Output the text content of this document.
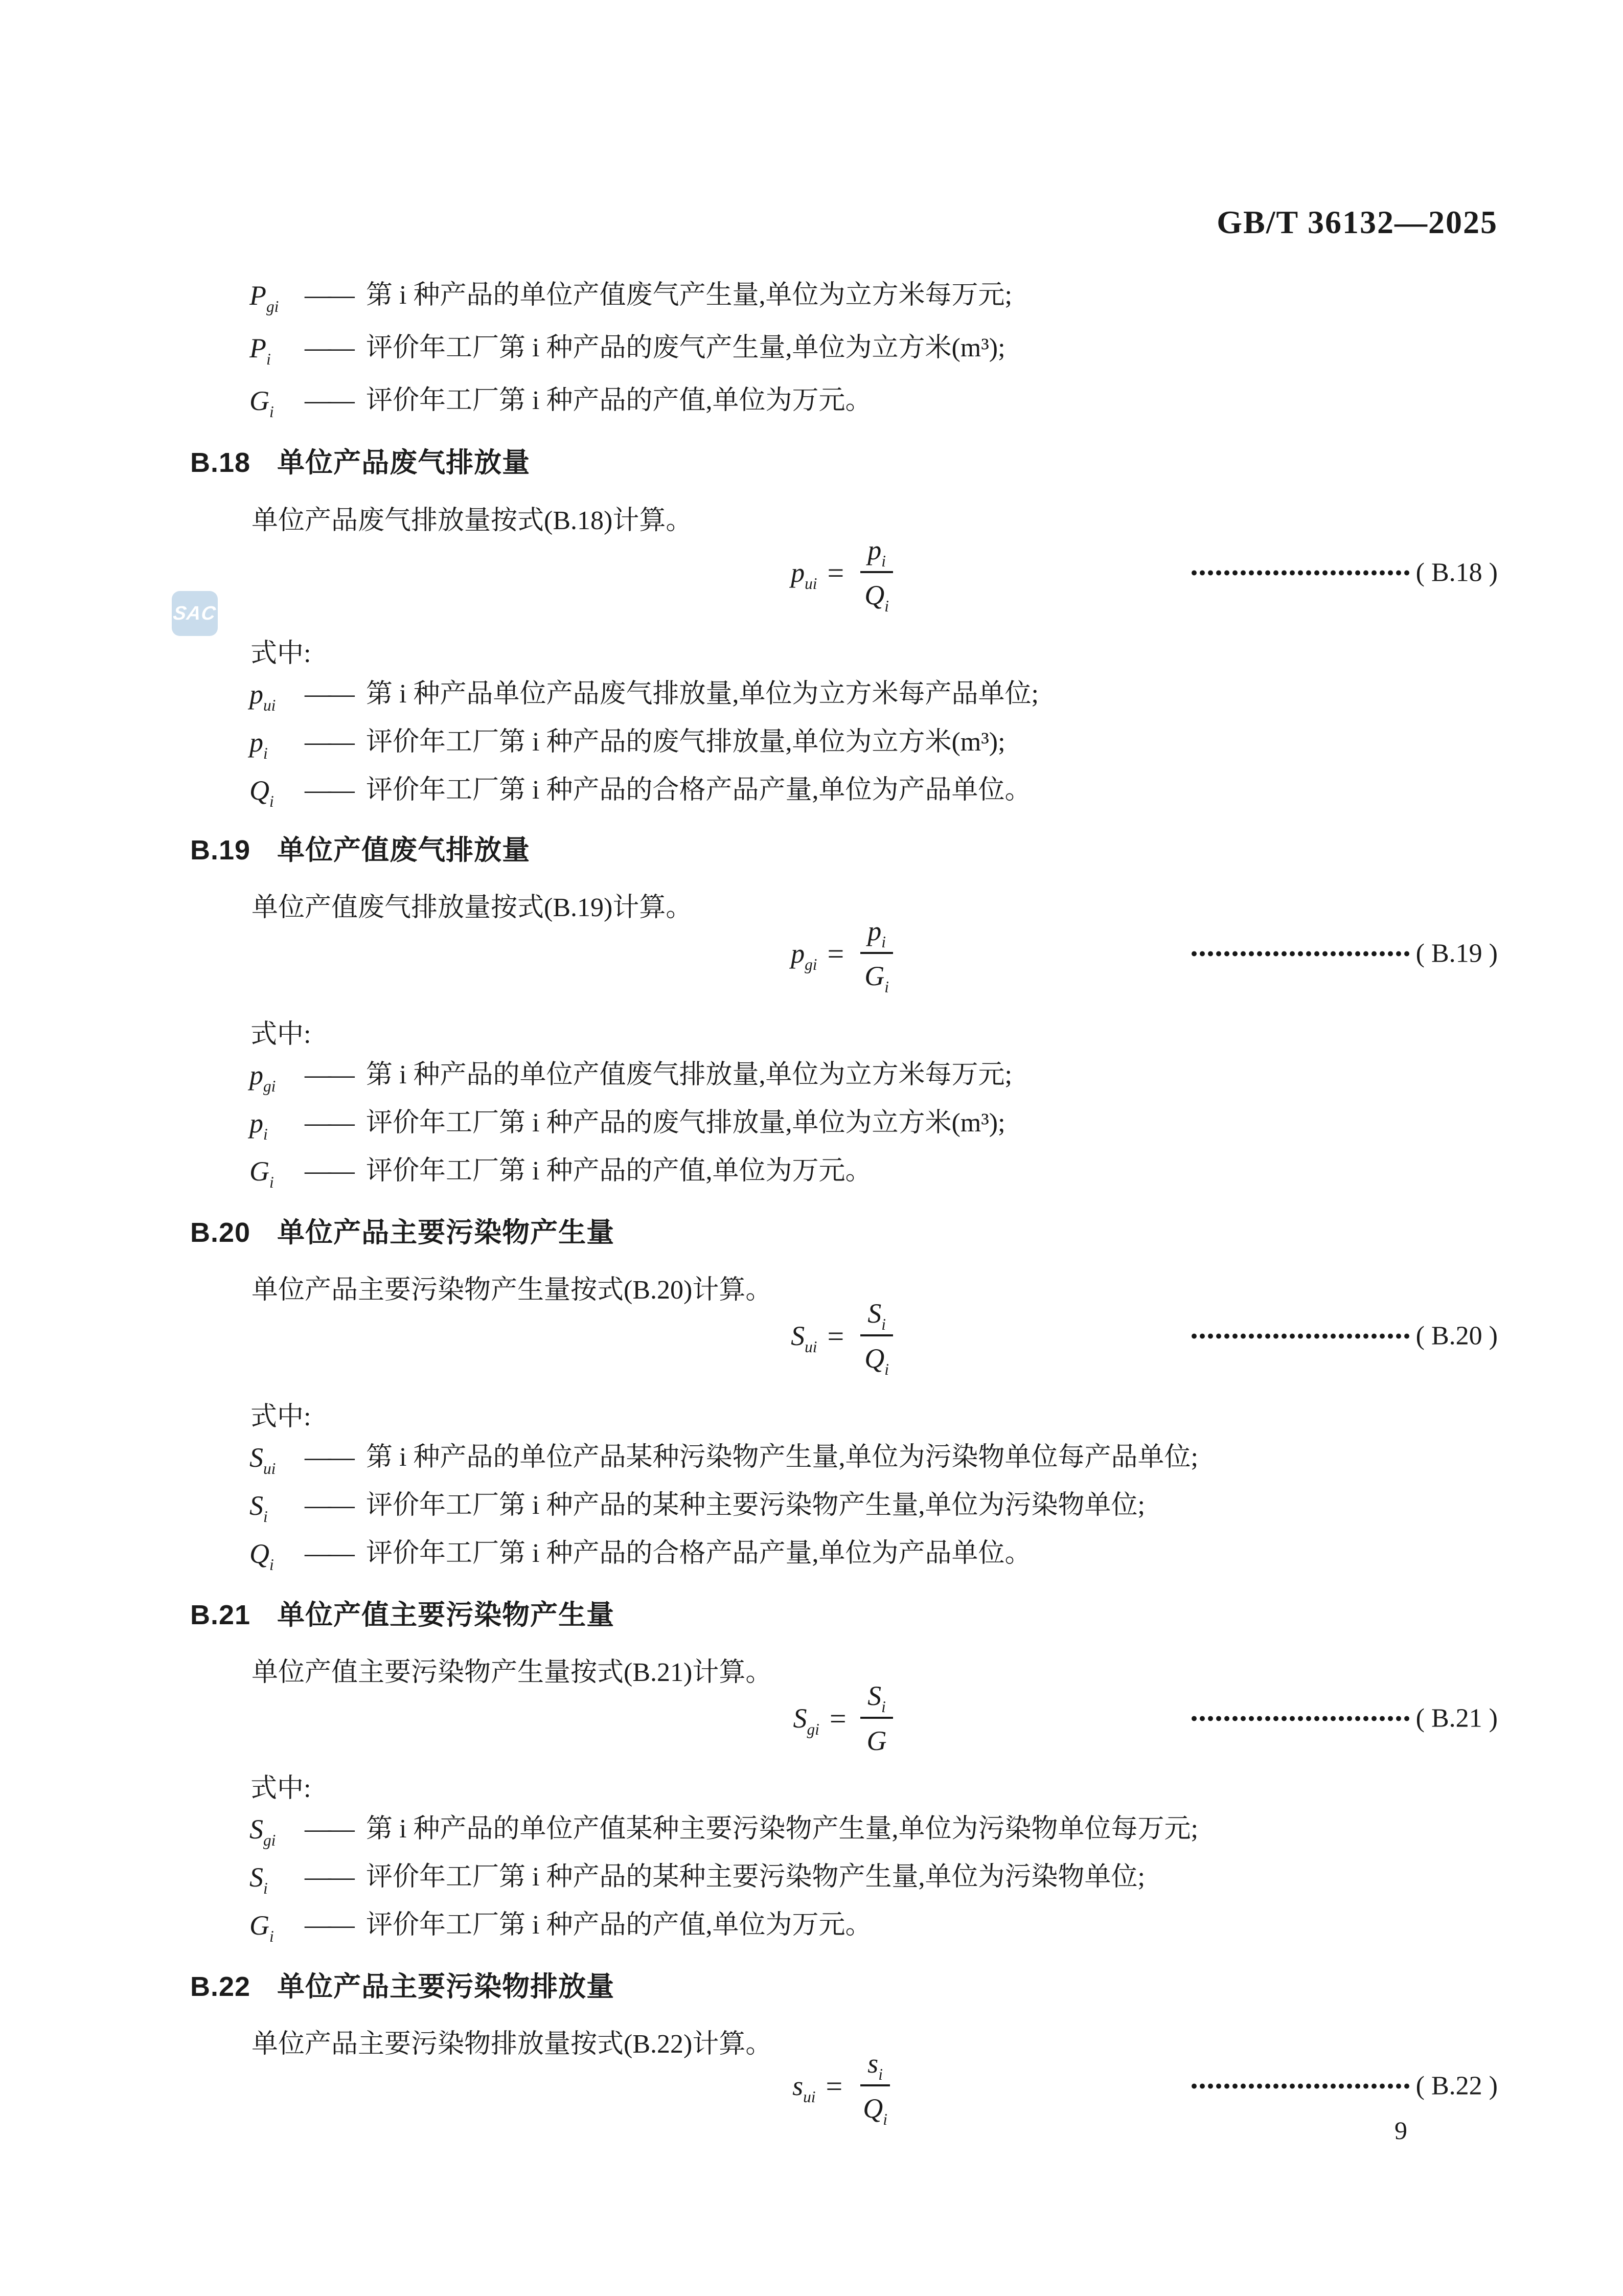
GB/T 36132—2025
$P_{gi}$ —— 第 i 种产品的单位产值废气产生量,单位为立方米每万元;
$P_i$	—— 评价年工厂第 i 种产品的废气产生量,单位为立方米(m³);
$G_i$	—— 评价年工厂第 i 种产品的产值,单位为万元。
B.18 单位产品废气排放量
单位产品废气排放量按式(B.18)计算。
$p_{ui} = \frac{p_i}{Q_i}$	( B.18 )
式中:
$p_{ui}$	—— 第 i 种产品单位产品废气排放量,单位为立方米每产品单位;
$p_i$	—— 评价年工厂第 i 种产品的废气排放量,单位为立方米(m³);
$Q_i$	—— 评价年工厂第 i 种产品的合格产品产量,单位为产品单位。
B.19 单位产值废气排放量
单位产值废气排放量按式(B.19)计算。
$p_{gi} = \frac{p_i}{G_i}$	( B.19 )
式中:
$p_{gi}$	—— 第 i 种产品的单位产值废气排放量,单位为立方米每万元;
$p_i$	—— 评价年工厂第 i 种产品的废气排放量,单位为立方米(m³);
$G_i$	—— 评价年工厂第 i 种产品的产值,单位为万元。
B.20 单位产品主要污染物产生量
单位产品主要污染物产生量按式(B.20)计算。
$S_{ui} = \frac{S_i}{Q_i}$	( B.20 )
式中:
$S_{ui}$	—— 第 i 种产品的单位产品某种污染物产生量,单位为污染物单位每产品单位;
$S_i$	—— 评价年工厂第 i 种产品的某种主要污染物产生量,单位为污染物单位;
$Q_i$	—— 评价年工厂第 i 种产品的合格产品产量,单位为产品单位。
B.21 单位产值主要污染物产生量
单位产值主要污染物产生量按式(B.21)计算。
$S_{gi} = \frac{S_i}{G}$	( B.21 )
式中:
$S_{gi}$	—— 第 i 种产品的单位产值某种主要污染物产生量,单位为污染物单位每万元;
$S_i$	—— 评价年工厂第 i 种产品的某种主要污染物产生量,单位为污染物单位;
$G_i$	—— 评价年工厂第 i 种产品的产值,单位为万元。
B.22 单位产品主要污染物排放量
单位产品主要污染物排放量按式(B.22)计算。
$s_{ui} = \frac{s_i}{Q_i}$	( B.22 )
SAC
9
